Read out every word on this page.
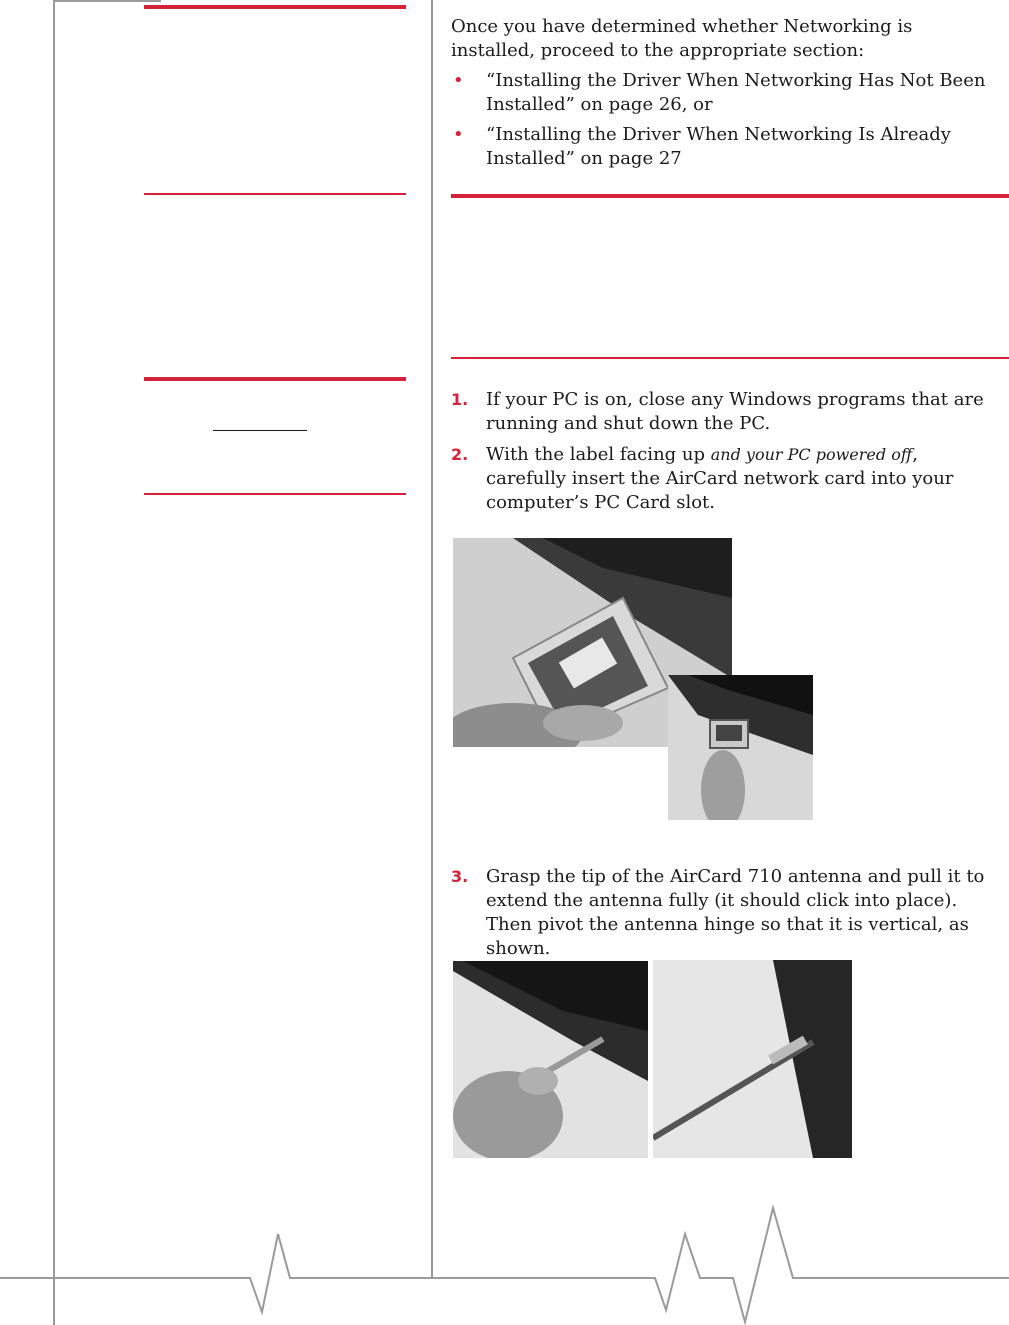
Once you have determined whether Networking is installed, proceed to the appropriate section:
• “Installing the Driver When Networking Has Not Been Installed” on page 26, or
• “Installing the Driver When Networking Is Already Installed” on page 27
1. If your PC is on, close any Windows programs that are running and shut down the PC.
2. With the label facing up and your PC powered off, carefully insert the AirCard network card into your computer’s PC Card slot.
3. Grasp the tip of the AirCard 710 antenna and pull it to extend the antenna fully (it should click into place). Then pivot the antenna hinge so that it is vertical, as shown.
